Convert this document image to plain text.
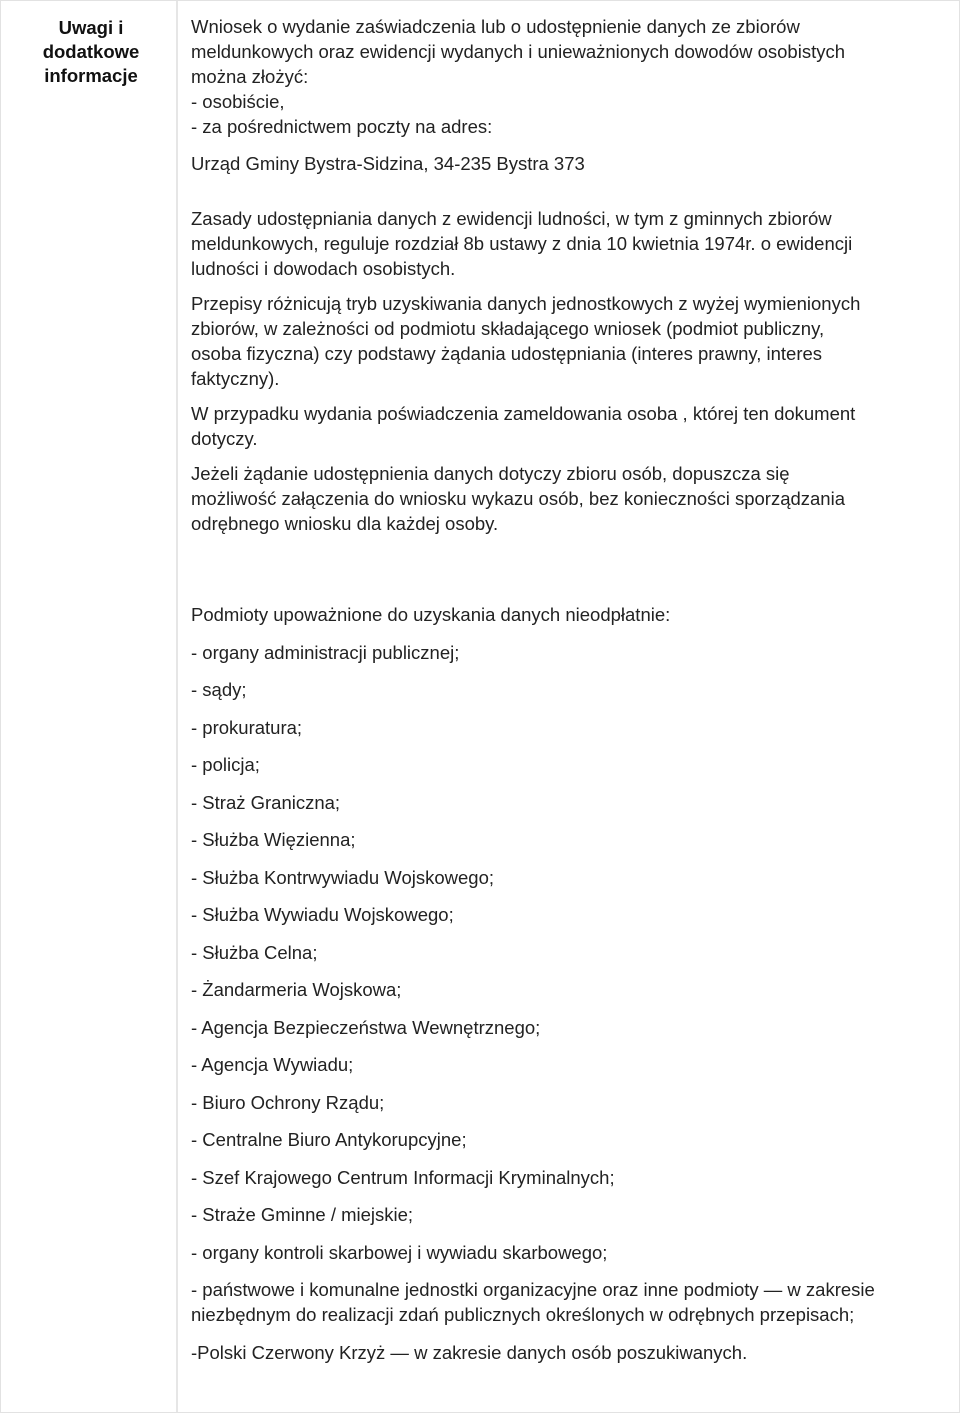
Uwagi i
dodatkowe
informacje
Wniosek o wydanie zaświadczenia lub o udostępnienie danych ze zbiorów
meldunkowych oraz ewidencji wydanych i unieważnionych dowodów osobistych
można złożyć:
- osobiście,
- za pośrednictwem poczty na adres:
Urząd Gminy Bystra-Sidzina, 34-235 Bystra 373
Zasady udostępniania danych z ewidencji ludności, w tym z gminnych zbiorów
meldunkowych, reguluje rozdział 8b ustawy z dnia 10 kwietnia 1974r. o ewidencji
ludności i dowodach osobistych.
Przepisy różnicują tryb uzyskiwania danych jednostkowych z wyżej wymienionych
zbiorów, w zależności od podmiotu składającego wniosek (podmiot publiczny,
osoba fizyczna) czy podstawy żądania udostępniania (interes prawny, interes
faktyczny).
W przypadku wydania poświadczenia zameldowania osoba , której ten dokument
dotyczy.
Jeżeli żądanie udostępnienia danych dotyczy zbioru osób, dopuszcza się
możliwość załączenia do wniosku wykazu osób, bez konieczności sporządzania
odrębnego wniosku dla każdej osoby.
Podmioty upoważnione do uzyskania danych nieodpłatnie:
- organy administracji publicznej;
- sądy;
- prokuratura;
- policja;
- Straż Graniczna;
- Służba Więzienna;
- Służba Kontrwywiadu Wojskowego;
- Służba Wywiadu Wojskowego;
- Służba Celna;
- Żandarmeria Wojskowa;
- Agencja Bezpieczeństwa Wewnętrznego;
- Agencja Wywiadu;
- Biuro Ochrony Rządu;
- Centralne Biuro Antykorupcyjne;
- Szef Krajowego Centrum Informacji Kryminalnych;
- Straże Gminne / miejskie;
- organy kontroli skarbowej i wywiadu skarbowego;
- państwowe i komunalne jednostki organizacyjne oraz inne podmioty — w zakresie
niezbędnym do realizacji zdań publicznych określonych w odrębnych przepisach;
-Polski Czerwony Krzyż — w zakresie danych osób poszukiwanych.
